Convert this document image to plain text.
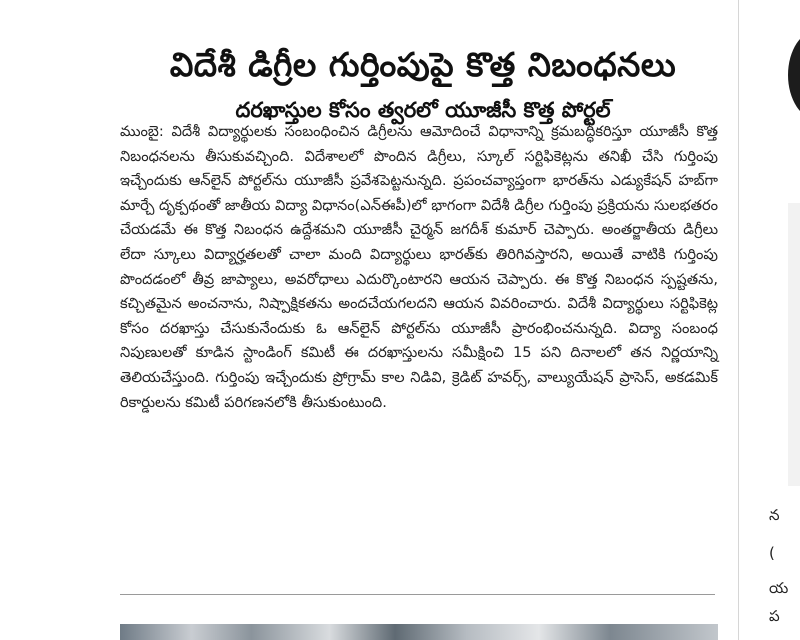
విదేశీ డిగ్రీల గుర్తింపుపై కొత్త నిబంధనలు
దరఖాస్తుల కోసం త్వరలో యూజీసీ కొత్త పోర్టల్
ముంబై: విదేశీ విద్యార్థులకు సంబంధించిన డిగ్రీలను ఆమోదించే విధానాన్ని క్రమబద్ధీకరిస్తూ యూజీసీ కొత్త నిబంధనలను తీసుకువచ్చింది. విదేశాలలో పొందిన డిగ్రీలు, స్కూల్ సర్టిఫికెట్లను తనిఖీ చేసి గుర్తింపు ఇచ్చేందుకు ఆన్‌లైన్ పోర్టల్‌ను యూజీసీ ప్రవేశపెట్టనున్నది. ప్రపంచవ్యాప్తంగా భారత్‌ను ఎడ్యుకేషన్ హబ్‌గా మార్చే దృక్పథంతో జాతీయ విద్యా విధానం(ఎన్‌ఈపీ)లో భాగంగా విదేశీ డిగ్రీల గుర్తింపు ప్రక్రియను సులభతరం చేయడమే ఈ కొత్త నిబంధన ఉద్దేశమని యూజీసీ చైర్మన్ జగదీశ్ కుమార్ చెప్పారు. అంతర్జాతీయ డిగ్రీలు లేదా స్కూలు విద్యార్హతలతో చాలా మంది విద్యార్థులు భారత్‌కు తిరిగివస్తారని, అయితే వాటికి గుర్తింపు పొందడంలో తీవ్ర జాప్యాలు, అవరోధాలు ఎదుర్కొంటారని ఆయన చెప్పారు. ఈ కొత్త నిబంధన స్పష్టతను, కచ్చితమైన అంచనాను, నిష్పాక్షికతను అందచేయగలదని ఆయన వివరించారు. విదేశీ విద్యార్థులు సర్టిఫికెట్ల కోసం దరఖాస్తు చేసుకునేందుకు ఓ ఆన్‌లైన్ పోర్టల్‌ను యూజీసీ ప్రారంభించనున్నది. విద్యా సంబంధ నిపుణులతో కూడిన స్టాండింగ్ కమిటీ ఈ దరఖాస్తులను సమీక్షించి 15 పని దినాలలో తన నిర్ణయాన్ని తెలియచేస్తుంది. గుర్తింపు ఇచ్చేందుకు ప్రోగ్రామ్ కాల నిడివి, క్రెడిట్ హవర్స్, వాల్యుయేషన్ ప్రాసెస్, అకడమిక్ రికార్డులను కమిటీ పరిగణనలోకి తీసుకుంటుంది.
న
(
య
ప
